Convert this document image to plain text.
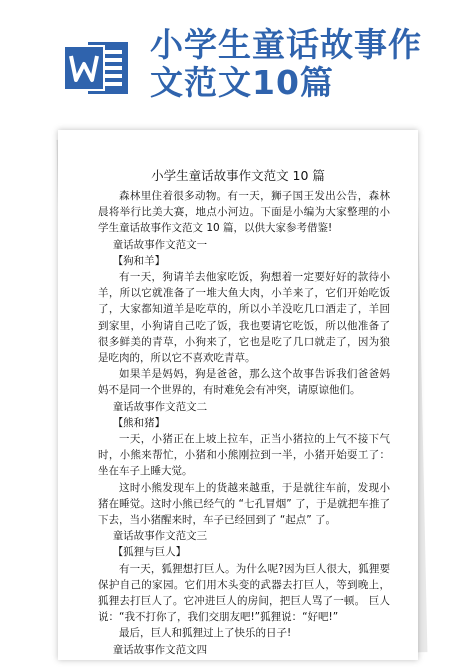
小学生童话故事作
文范文10篇
小学生童话故事作文范文 10 篇

森林里住着很多动物。有一天，狮子国王发出公告，森林晨将举行比美大赛，地点小河边。下面是小编为大家整理的小学生童话故事作文范文 10 篇，以供大家参考借鉴!

童话故事作文范文一

【狗和羊】

有一天，狗请羊去他家吃饭，狗想着一定要好好的款待小羊，所以它就准备了一堆大鱼大肉，小羊来了，它们开始吃饭了，大家都知道羊是吃草的，所以小羊没吃几口酒走了，羊回到家里，小狗请自己吃了饭，我也要请它吃饭，所以他准备了很多鲜美的青草，小狗来了，它也是吃了几口就走了，因为狼是吃肉的，所以它不喜欢吃青草。

如果羊是妈妈，狗是爸爸，那么这个故事告诉我们爸爸妈妈不是同一个世界的，有时难免会有冲突，请原谅他们。

童话故事作文范文二

【熊和猪】

一天，小猪正在上坡上拉车，正当小猪拉的上气不接下气时，小熊来帮忙，小猪和小熊刚拉到一半，小猪开始耍工了：坐在车子上睡大觉。

这时小熊发现车上的货越来越重，于是就往车前，发现小猪在睡觉。这时小熊已经气的 “七孔冒烟” 了，于是就把车推了下去，当小猪醒来时，车子已经回到了 “起点” 了。

童话故事作文范文三

【狐狸与巨人】

有一天，狐狸想打巨人。为什么呢?因为巨人很大，狐狸要保护自己的家园。它们用木头变的武器去打巨人，等到晚上，狐狸去打巨人了。它冲进巨人的房间，把巨人骂了一顿。 巨人说：“我不打你了，我们交朋友吧!”狐狸说：“好吧!”

最后，巨人和狐狸过上了快乐的日子!

童话故事作文范文四
